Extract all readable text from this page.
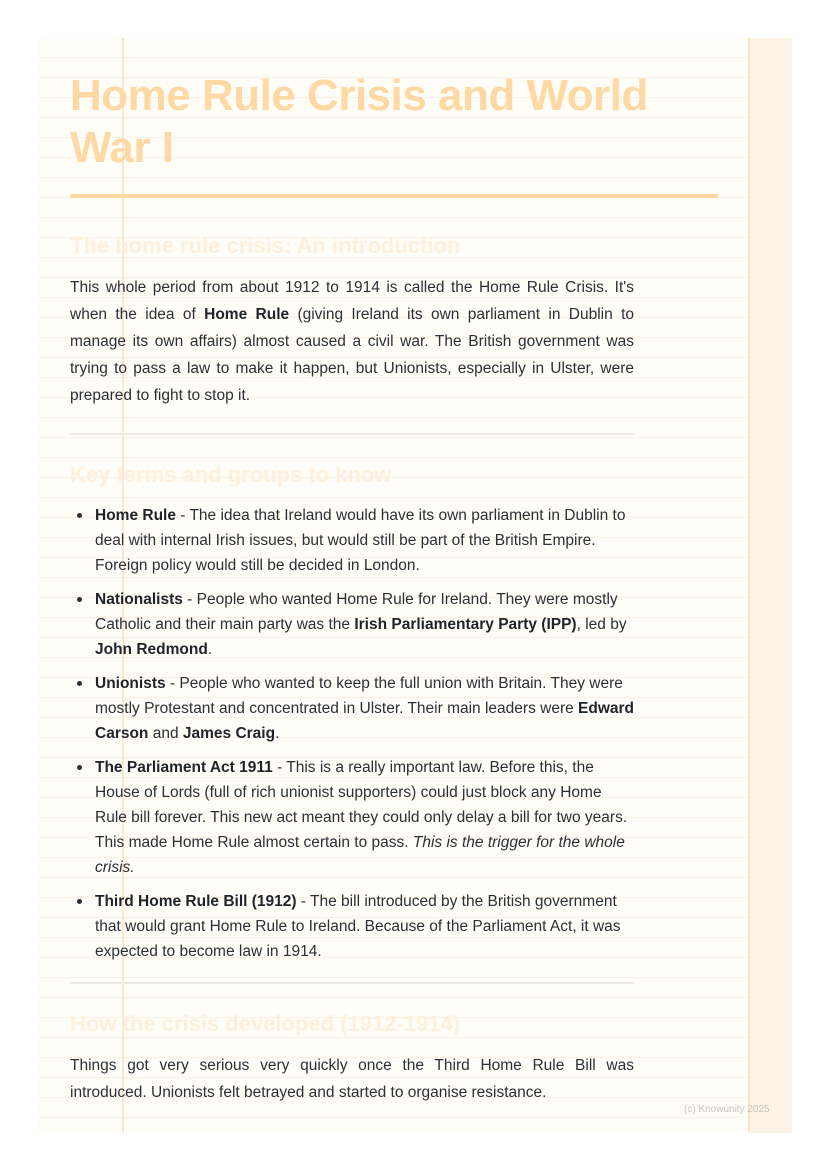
Home Rule Crisis and World War I
The home rule crisis: An introduction

This whole period from about 1912 to 1914 is called the Home Rule Crisis. It's when the idea of Home Rule (giving Ireland its own parliament in Dublin to manage its own affairs) almost caused a civil war. The British government was trying to pass a law to make it happen, but Unionists, especially in Ulster, were prepared to fight to stop it.

Key terms and groups to know
Home Rule - The idea that Ireland would have its own parliament in Dublin to deal with internal Irish issues, but would still be part of the British Empire. Foreign policy would still be decided in London.
Nationalists - People who wanted Home Rule for Ireland. They were mostly Catholic and their main party was the Irish Parliamentary Party (IPP), led by John Redmond.
Unionists - People who wanted to keep the full union with Britain. They were mostly Protestant and concentrated in Ulster. Their main leaders were Edward Carson and James Craig.
The Parliament Act 1911 - This is a really important law. Before this, the House of Lords (full of rich unionist supporters) could just block any Home Rule bill forever. This new act meant they could only delay a bill for two years. This made Home Rule almost certain to pass. This is the trigger for the whole crisis.
Third Home Rule Bill (1912) - The bill introduced by the British government that would grant Home Rule to Ireland. Because of the Parliament Act, it was expected to become law in 1914.
How the crisis developed (1912-1914)

Things got very serious very quickly once the Third Home Rule Bill was introduced. Unionists felt betrayed and started to organise resistance.

(c) Knowunity 2025
